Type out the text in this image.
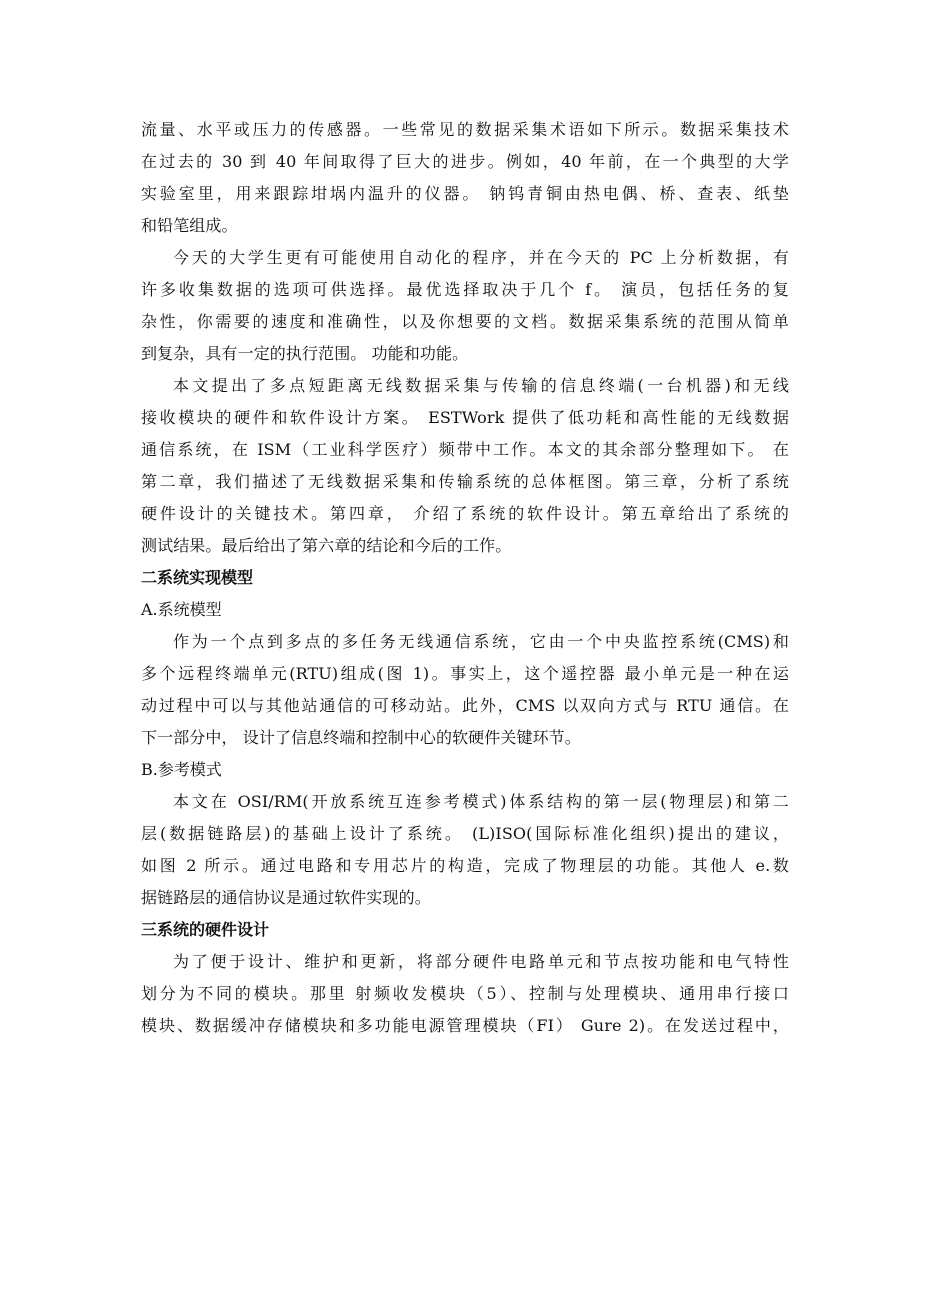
流量、水平或压力的传感器。一些常见的数据采集术语如下所示。数据采集技术
在过去的 30 到 40 年间取得了巨大的进步。例如，40 年前，在一个典型的大学
实验室里，用来跟踪坩埚内温升的仪器。 钠钨青铜由热电偶、桥、查表、纸垫
和铅笔组成。
今天的大学生更有可能使用自动化的程序，并在今天的 PC 上分析数据，有
许多收集数据的选项可供选择。最优选择取决于几个 f。 演员，包括任务的复
杂性，你需要的速度和准确性，以及你想要的文档。数据采集系统的范围从简单
到复杂，具有一定的执行范围。 功能和功能。
本文提出了多点短距离无线数据采集与传输的信息终端(一台机器)和无线
接收模块的硬件和软件设计方案。 ESTWork 提供了低功耗和高性能的无线数据
通信系统，在 ISM（工业科学医疗）频带中工作。本文的其余部分整理如下。 在
第二章，我们描述了无线数据采集和传输系统的总体框图。第三章，分析了系统
硬件设计的关键技术。第四章， 介绍了系统的软件设计。第五章给出了系统的
测试结果。最后给出了第六章的结论和今后的工作。
二系统实现模型
A.系统模型
作为一个点到多点的多任务无线通信系统，它由一个中央监控系统(CMS)和
多个远程终端单元(RTU)组成(图 1)。事实上，这个遥控器 最小单元是一种在运
动过程中可以与其他站通信的可移动站。此外，CMS 以双向方式与 RTU 通信。在
下一部分中， 设计了信息终端和控制中心的软硬件关键环节。
B.参考模式
本文在 OSI/RM(开放系统互连参考模式)体系结构的第一层(物理层)和第二
层(数据链路层)的基础上设计了系统。 (L)ISO(国际标准化组织)提出的建议，
如图 2 所示。通过电路和专用芯片的构造，完成了物理层的功能。其他人 e.数
据链路层的通信协议是通过软件实现的。
三系统的硬件设计
为了便于设计、维护和更新，将部分硬件电路单元和节点按功能和电气特性
划分为不同的模块。那里 射频收发模块（5）、控制与处理模块、通用串行接口
模块、数据缓冲存储模块和多功能电源管理模块（FI） Gure 2)。在发送过程中，
